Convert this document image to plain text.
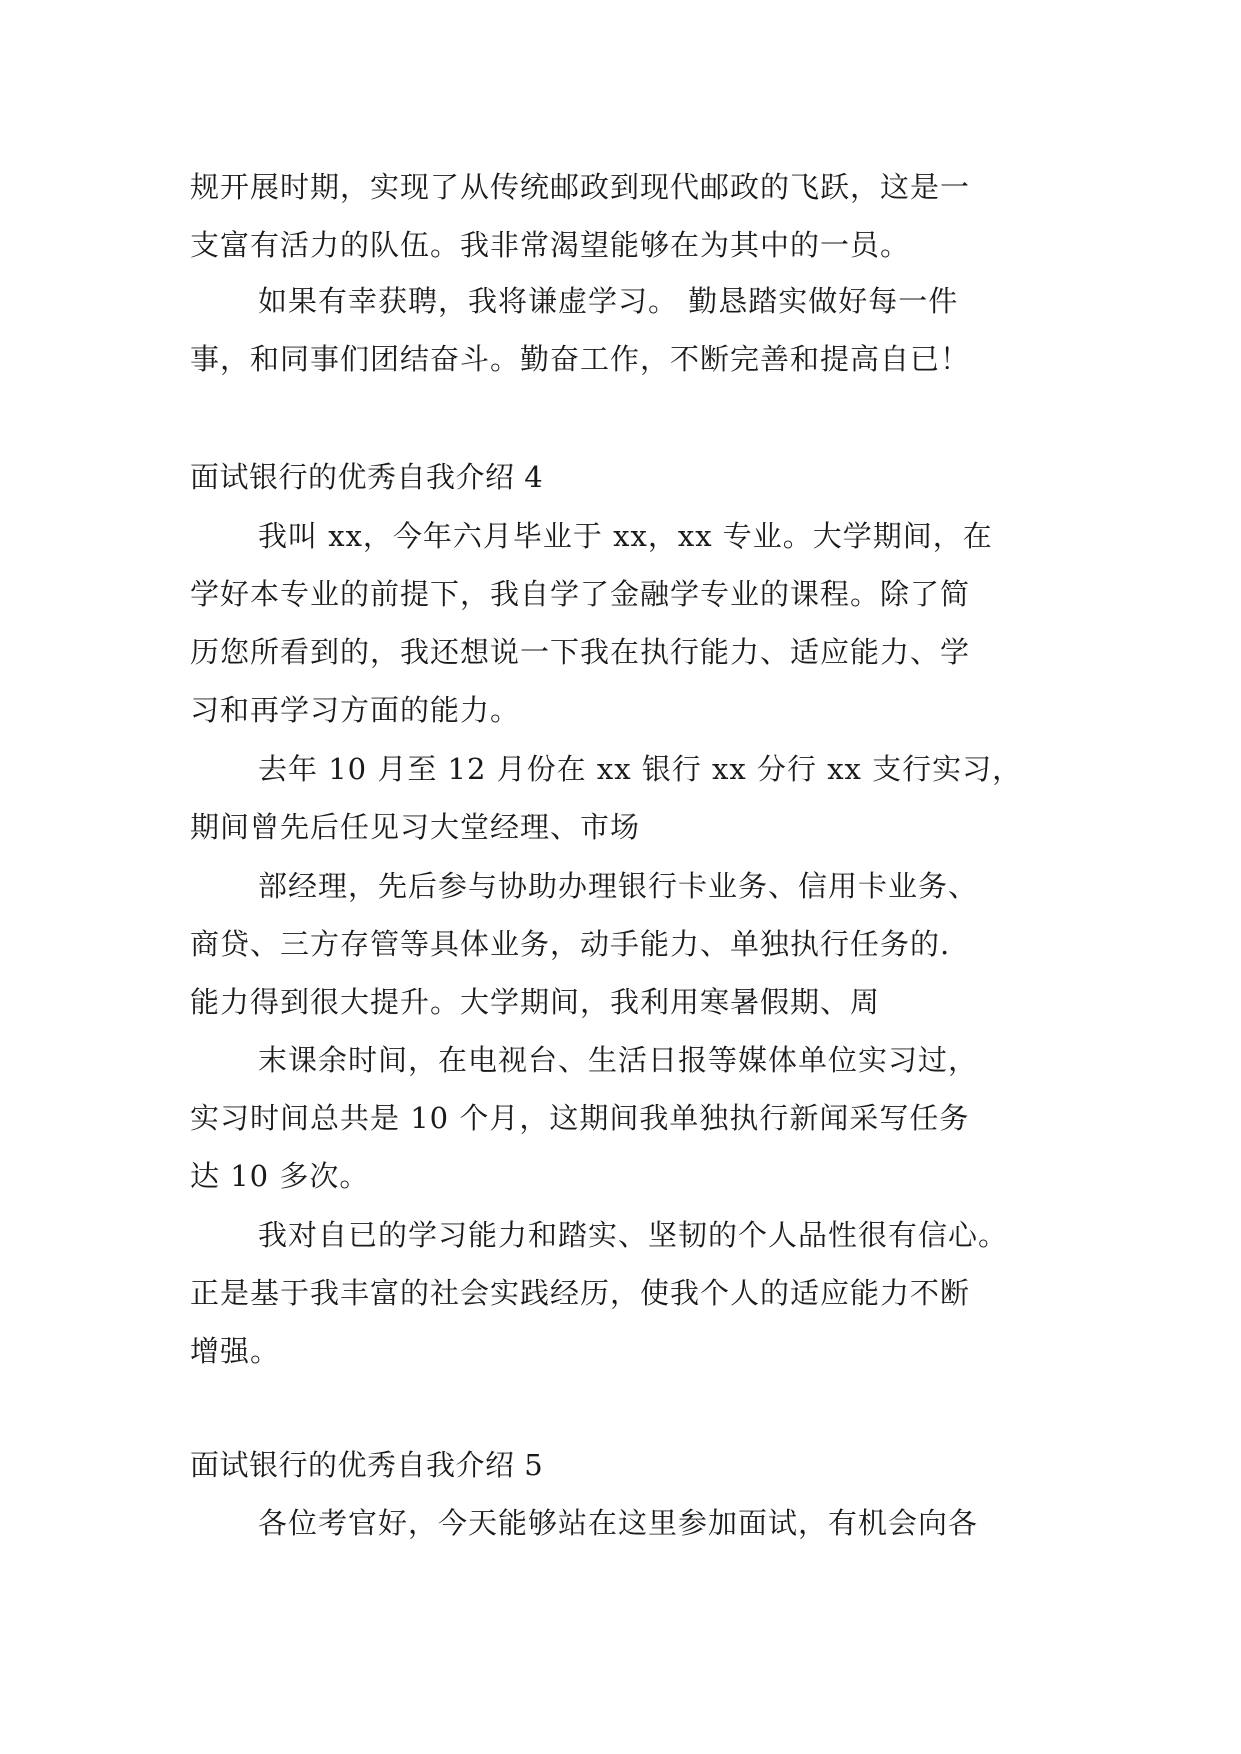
规开展时期，实现了从传统邮政到现代邮政的飞跃，这是一
支富有活力的队伍。我非常渴望能够在为其中的一员。
如果有幸获聘，我将谦虚学习。 勤恳踏实做好每一件
事，和同事们团结奋斗。勤奋工作，不断完善和提高自已！
面试银行的优秀自我介绍 4
我叫 xx，今年六月毕业于 xx，xx 专业。大学期间，在
学好本专业的前提下，我自学了金融学专业的课程。除了简
历您所看到的，我还想说一下我在执行能力、适应能力、学
习和再学习方面的能力。
去年 10 月至 12 月份在 xx 银行 xx 分行 xx 支行实习，
期间曾先后任见习大堂经理、市场
部经理，先后参与协助办理银行卡业务、信用卡业务、
商贷、三方存管等具体业务，动手能力、单独执行任务的.
能力得到很大提升。大学期间，我利用寒暑假期、周
末课余时间，在电视台、生活日报等媒体单位实习过，
实习时间总共是 10 个月，这期间我单独执行新闻采写任务
达 10 多次。
我对自已的学习能力和踏实、坚韧的个人品性很有信心。
正是基于我丰富的社会实践经历，使我个人的适应能力不断
增强。
面试银行的优秀自我介绍 5
各位考官好，今天能够站在这里参加面试，有机会向各
